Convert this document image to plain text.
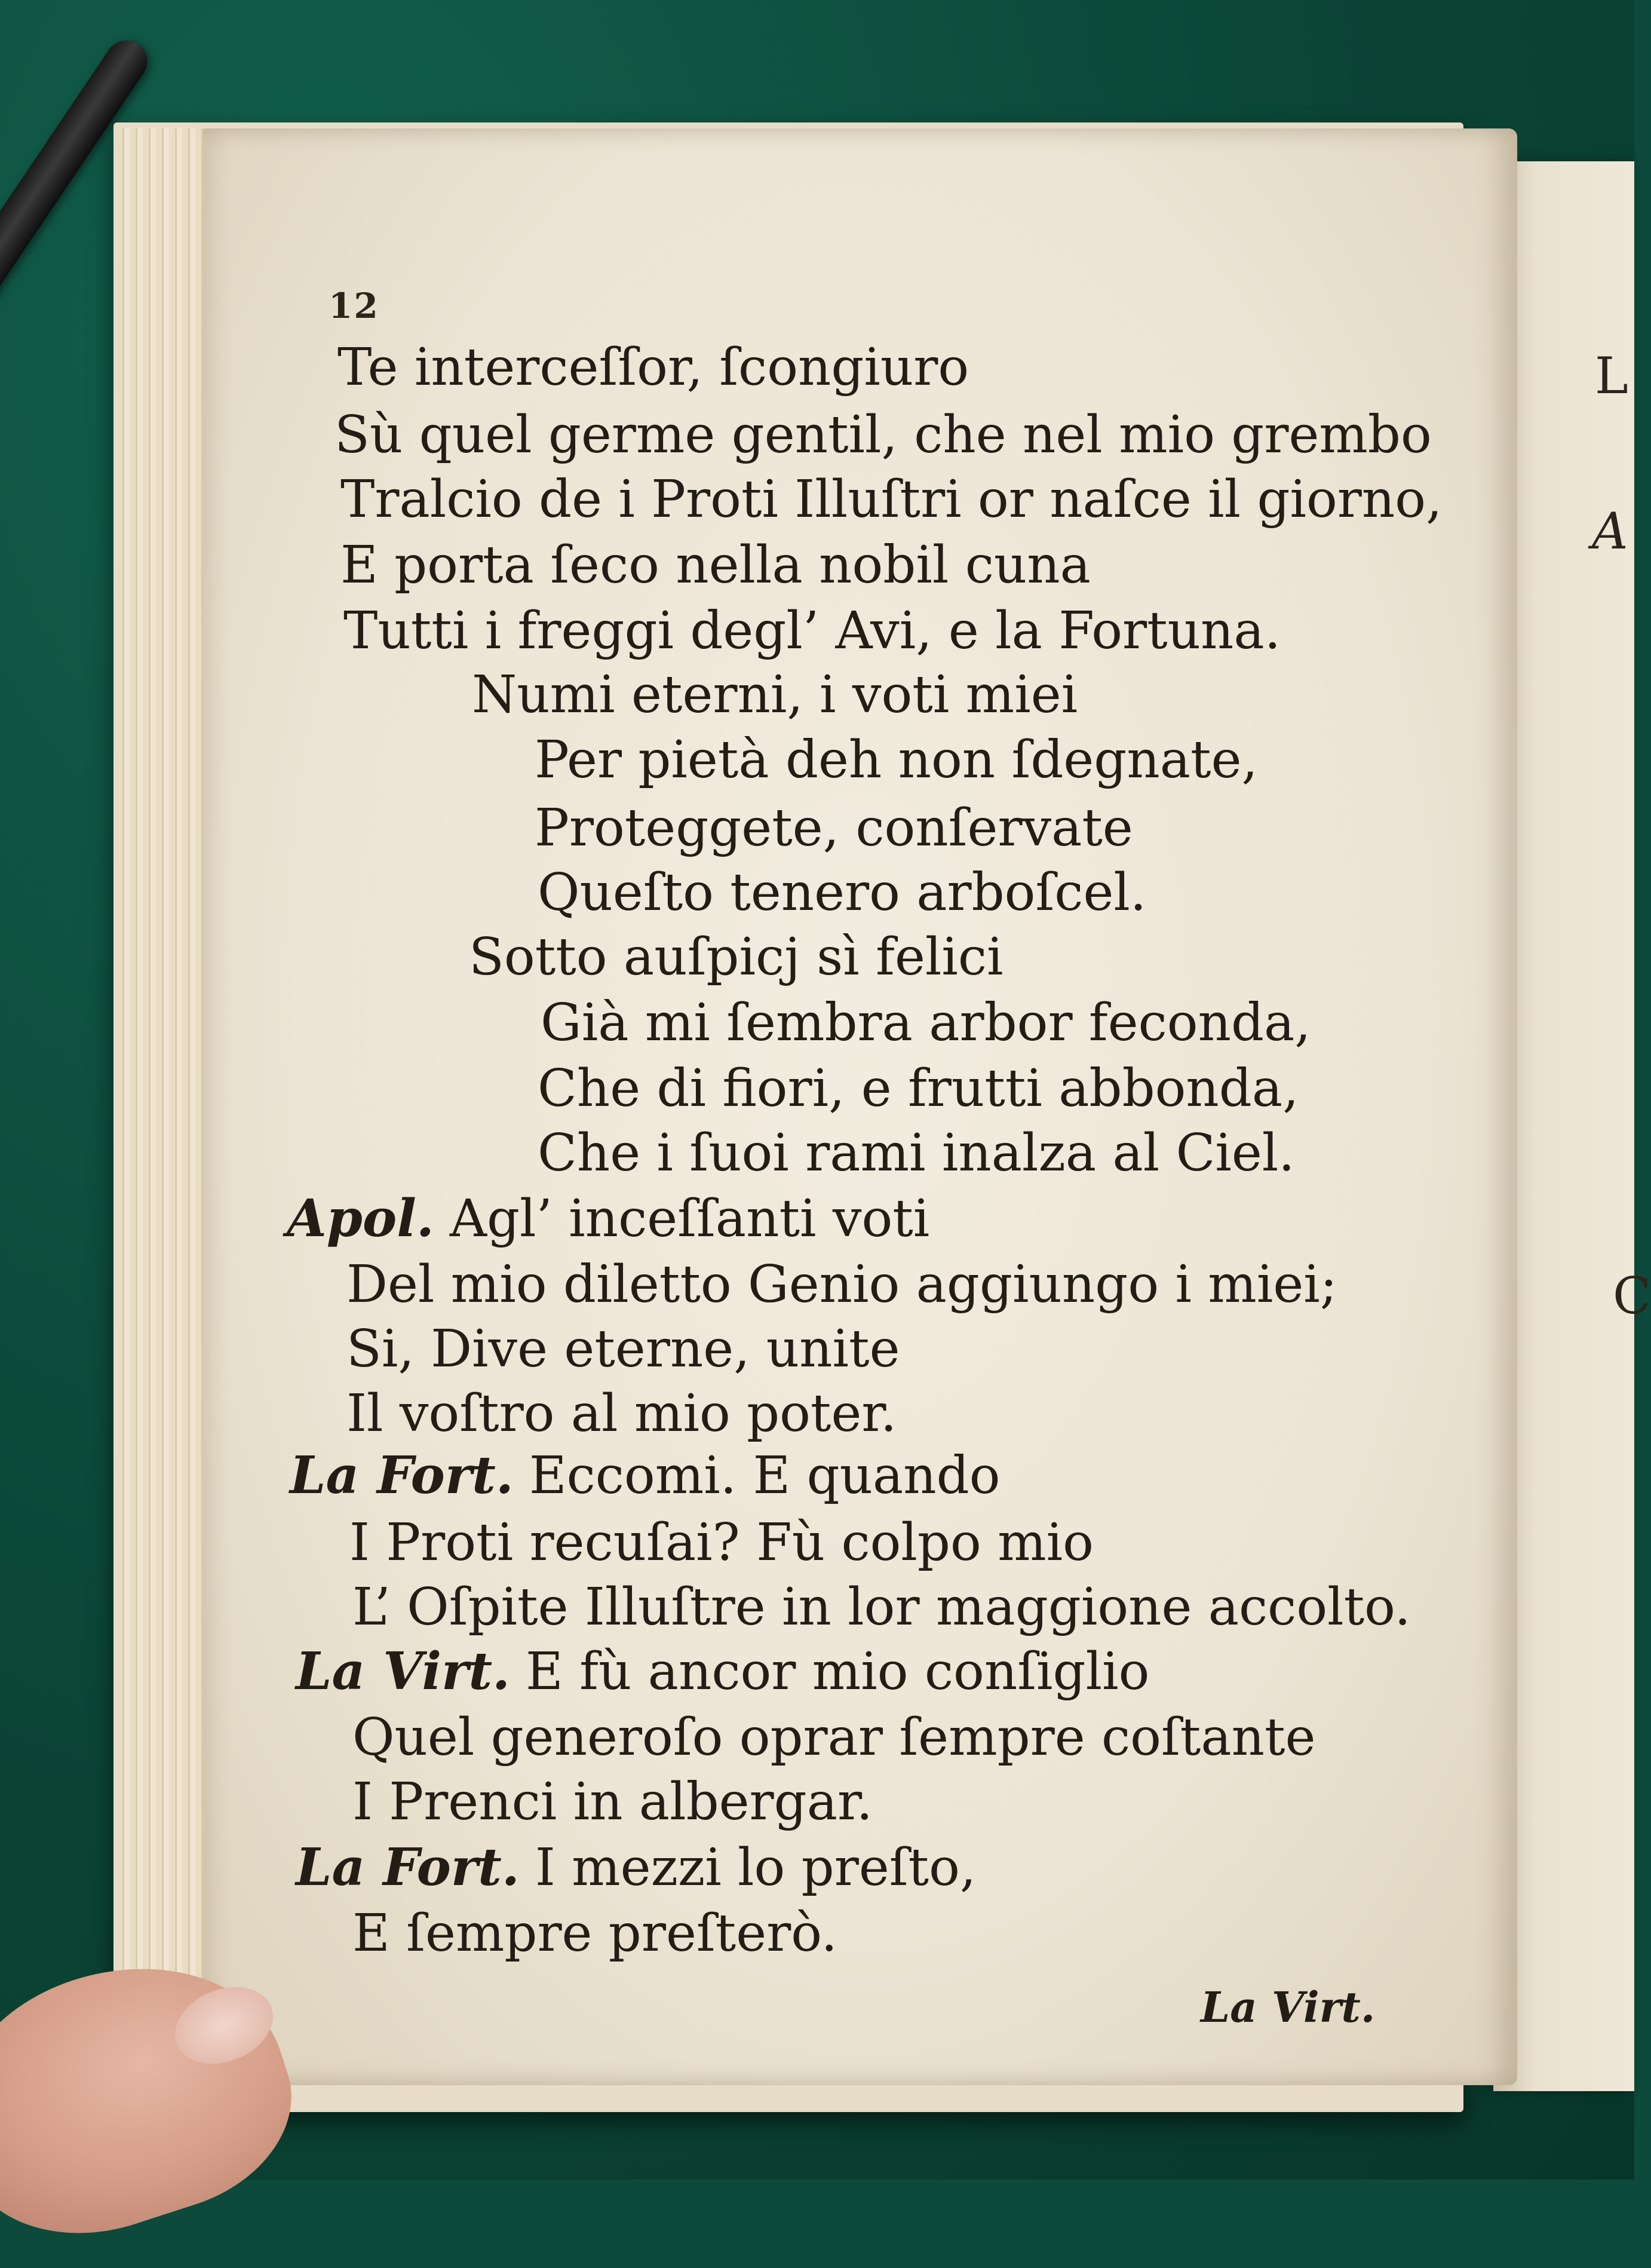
L
A
C
12
Te interceſſor, ſcongiuro
Sù quel germe gentil, che nel mio grembo
Tralcio de i Proti Illuſtri or naſce il giorno,
E porta ſeco nella nobil cuna
Tutti i freggi degl’ Avi, e la Fortuna.
Numi eterni, i voti miei
Per pietà deh non ſdegnate,
Proteggete, conſervate
Queſto tenero arboſcel.
Sotto auſpicj sì felici
Già mi ſembra arbor feconda,
Che di fiori, e frutti abbonda,
Che i ſuoi rami inalza al Ciel.
Apol. Agl’ inceſſanti voti
Del mio diletto Genio aggiungo i miei;
Si, Dive eterne, unite
Il voſtro al mio poter.
La Fort. Eccomi. E quando
I Proti recuſai? Fù colpo mio
L’ Oſpite Illuſtre in lor maggione accolto.
La Virt. E fù ancor mio conſiglio
Quel generoſo oprar ſempre coſtante
I Prenci in albergar.
La Fort. I mezzi lo preſto,
E ſempre preſterò.
La Virt.
